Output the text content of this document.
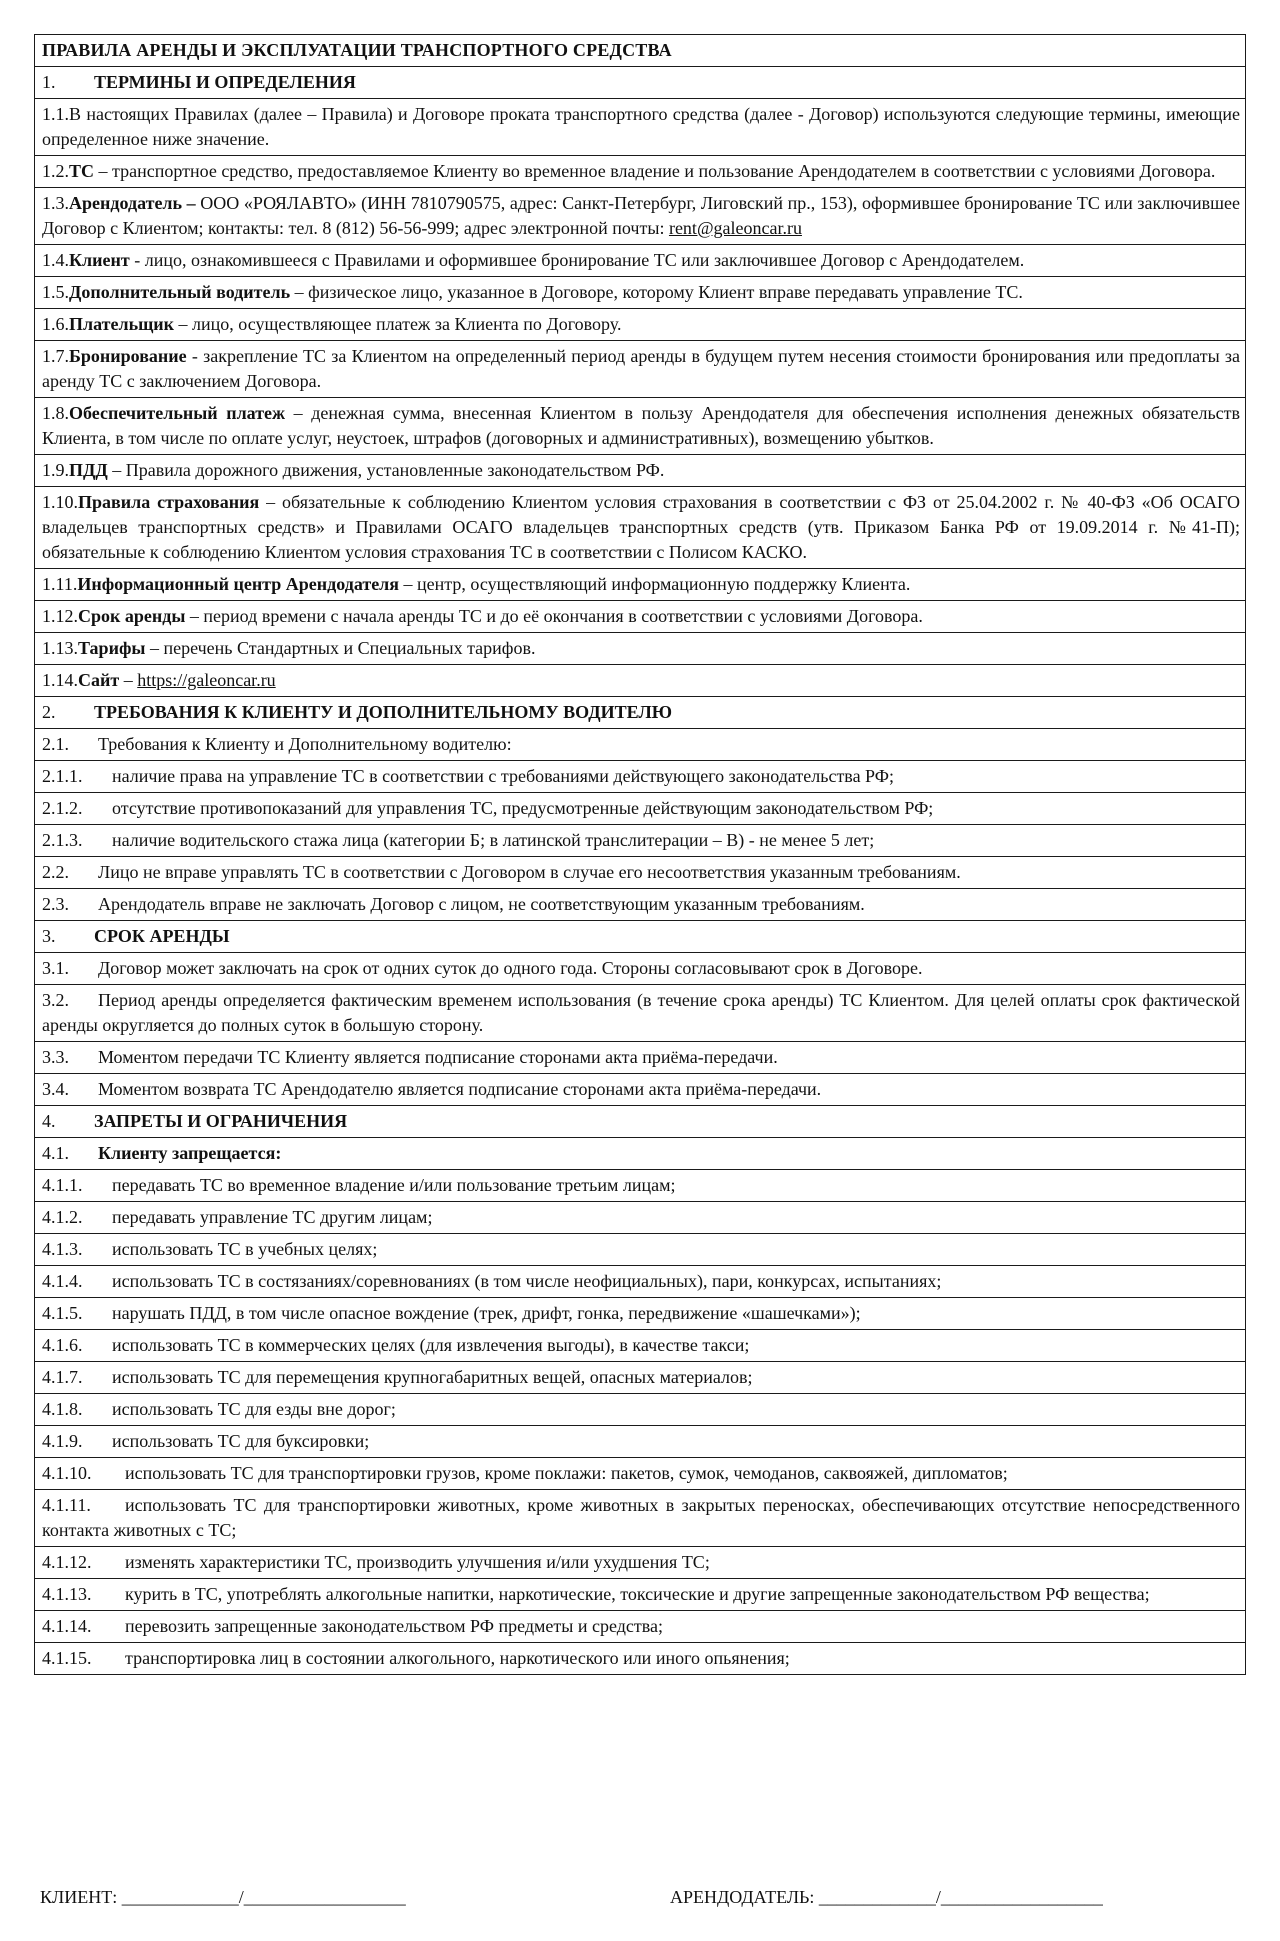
ПРАВИЛА АРЕНДЫ И ЭКСПЛУАТАЦИИ ТРАНСПОРТНОГО СРЕДСТВА
1. ТЕРМИНЫ И ОПРЕДЕЛЕНИЯ
1.1.В настоящих Правилах (далее – Правила) и Договоре проката транспортного средства (далее - Договор) используются следующие термины, имеющие определенное ниже значение.
1.2.ТС – транспортное средство, предоставляемое Клиенту во временное владение и пользование Арендодателем в соответствии с условиями Договора.
1.3.Арендодатель – ООО «РОЯЛАВТО» (ИНН 7810790575, адрес: Санкт-Петербург, Лиговский пр., 153), оформившее бронирование ТС или заключившее Договор с Клиентом; контакты: тел. 8 (812) 56-56-999; адрес электронной почты: rent@galeoncar.ru
1.4.Клиент - лицо, ознакомившееся с Правилами и оформившее бронирование ТС или заключившее Договор с Арендодателем.
1.5.Дополнительный водитель – физическое лицо, указанное в Договоре, которому Клиент вправе передавать управление ТС.
1.6.Плательщик – лицо, осуществляющее платеж за Клиента по Договору.
1.7.Бронирование - закрепление ТС за Клиентом на определенный период аренды в будущем путем несения стоимости бронирования или предоплаты за аренду ТС с заключением Договора.
1.8.Обеспечительный платеж – денежная сумма, внесенная Клиентом в пользу Арендодателя для обеспечения исполнения денежных обязательств Клиента, в том числе по оплате услуг, неустоек, штрафов (договорных и административных), возмещению убытков.
1.9.ПДД – Правила дорожного движения, установленные законодательством РФ.
1.10.Правила страхования – обязательные к соблюдению Клиентом условия страхования в соответствии с ФЗ от 25.04.2002 г. № 40-ФЗ «Об ОСАГО владельцев транспортных средств» и Правилами ОСАГО владельцев транспортных средств (утв. Приказом Банка РФ от 19.09.2014 г. №41-П); обязательные к соблюдению Клиентом условия страхования ТС в соответствии с Полисом КАСКО.
1.11.Информационный центр Арендодателя – центр, осуществляющий информационную поддержку Клиента.
1.12.Срок аренды – период времени с начала аренды ТС и до её окончания в соответствии с условиями Договора.
1.13.Тарифы – перечень Стандартных и Специальных тарифов.
1.14.Сайт – https://galeoncar.ru
2. ТРЕБОВАНИЯ К КЛИЕНТУ И ДОПОЛНИТЕЛЬНОМУ ВОДИТЕЛЮ
2.1. Требования к Клиенту и Дополнительному водителю:
2.1.1. наличие права на управление ТС в соответствии с требованиями действующего законодательства РФ;
2.1.2. отсутствие противопоказаний для управления ТС, предусмотренные действующим законодательством РФ;
2.1.3. наличие водительского стажа лица (категории Б; в латинской транслитерации – В) - не менее 5 лет;
2.2. Лицо не вправе управлять ТС в соответствии с Договором в случае его несоответствия указанным требованиям.
2.3. Арендодатель вправе не заключать Договор с лицом, не соответствующим указанным требованиям.
3. СРОК АРЕНДЫ
3.1. Договор может заключать на срок от одних суток до одного года. Стороны согласовывают срок в Договоре.
3.2. Период аренды определяется фактическим временем использования (в течение срока аренды) ТС Клиентом. Для целей оплаты срок фактической аренды округляется до полных суток в большую сторону.
3.3. Моментом передачи ТС Клиенту является подписание сторонами акта приёма-передачи.
3.4. Моментом возврата ТС Арендодателю является подписание сторонами акта приёма-передачи.
4. ЗАПРЕТЫ И ОГРАНИЧЕНИЯ
4.1. Клиенту запрещается:
4.1.1. передавать ТС во временное владение и/или пользование третьим лицам;
4.1.2. передавать управление ТС другим лицам;
4.1.3. использовать ТС в учебных целях;
4.1.4. использовать ТС в состязаниях/соревнованиях (в том числе неофициальных), пари, конкурсах, испытаниях;
4.1.5. нарушать ПДД, в том числе опасное вождение (трек, дрифт, гонка, передвижение «шашечками»);
4.1.6. использовать ТС в коммерческих целях (для извлечения выгоды), в качестве такси;
4.1.7. использовать ТС для перемещения крупногабаритных вещей, опасных материалов;
4.1.8. использовать ТС для езды вне дорог;
4.1.9. использовать ТС для буксировки;
4.1.10. использовать ТС для транспортировки грузов, кроме поклажи: пакетов, сумок, чемоданов, саквояжей, дипломатов;
4.1.11. использовать ТС для транспортировки животных, кроме животных в закрытых переносках, обеспечивающих отсутствие непосредственного контакта животных с ТС;
4.1.12. изменять характеристики ТС, производить улучшения и/или ухудшения ТС;
4.1.13. курить в ТС, употреблять алкогольные напитки, наркотические, токсические и другие запрещенные законодательством РФ вещества;
4.1.14. перевозить запрещенные законодательством РФ предметы и средства;
4.1.15. транспортировка лиц в состоянии алкогольного, наркотического или иного опьянения;
КЛИЕНТ: _____________/__________________	АРЕНДОДАТЕЛЬ: _____________/__________________
